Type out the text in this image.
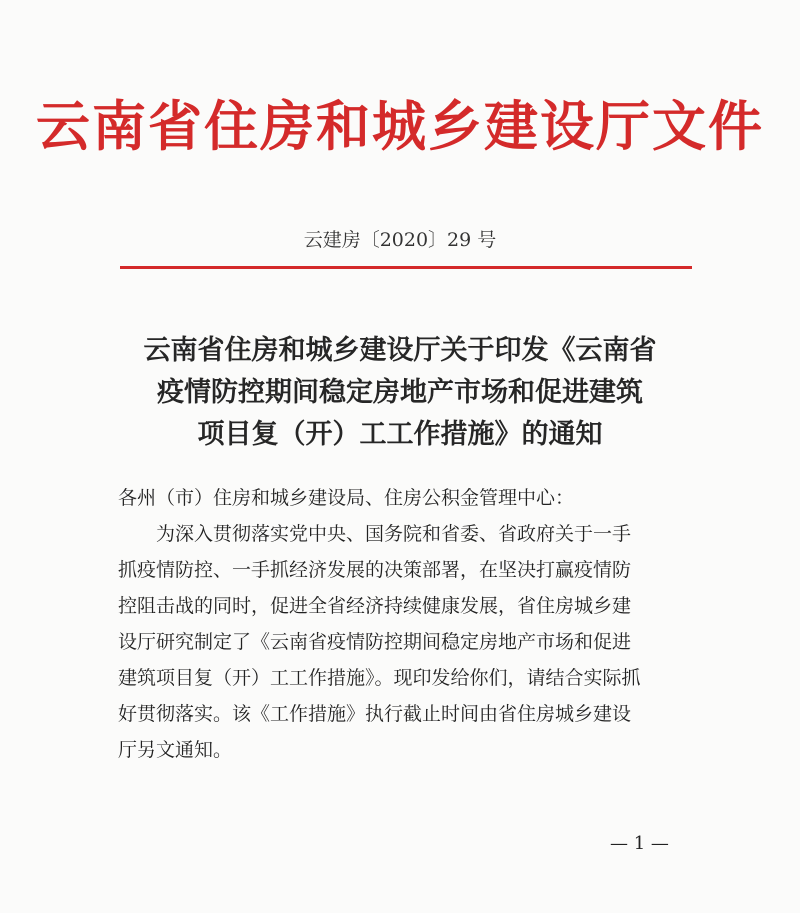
云南省住房和城乡建设厅文件
云建房〔2020〕29 号
云南省住房和城乡建设厅关于印发《云南省
疫情防控期间稳定房地产市场和促进建筑
项目复（开）工工作措施》的通知
各州（市）住房和城乡建设局、住房公积金管理中心：
　　为深入贯彻落实党中央、国务院和省委、省政府关于一手
抓疫情防控、一手抓经济发展的决策部署，在坚决打赢疫情防
控阻击战的同时，促进全省经济持续健康发展，省住房城乡建
设厅研究制定了《云南省疫情防控期间稳定房地产市场和促进
建筑项目复（开）工工作措施》。现印发给你们，请结合实际抓
好贯彻落实。该《工作措施》执行截止时间由省住房城乡建设
厅另文通知。
— 1 —
